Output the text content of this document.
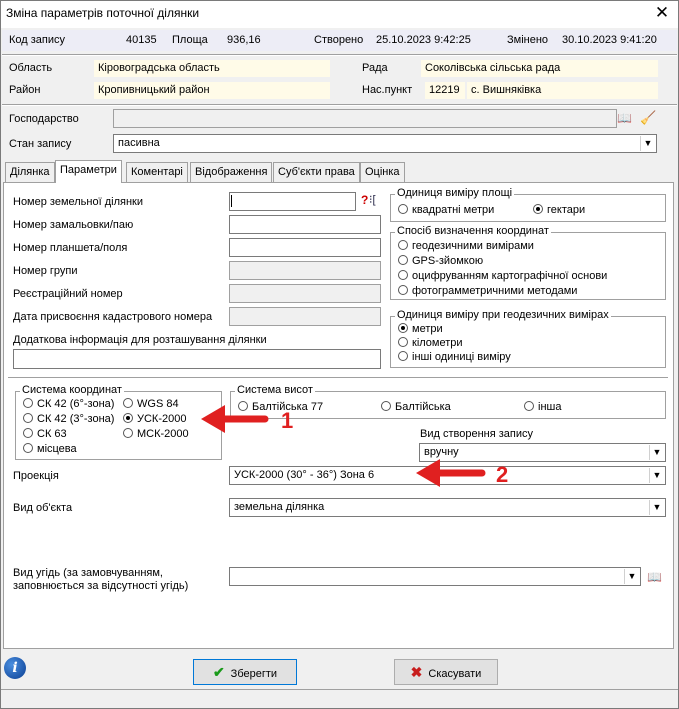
Зміна параметрів поточної ділянки	✕
Код запису	40135 Площа 936,16	Створено 25.10.2023 9:42:25	Змінено 30.10.2023 9:41:20
Область	Кіровоградська область	Рада	Соколівська сільська рада
Район	Кропивницький район	Нас.пункт	12219	с. Вишняківка
Господарство	📖 🧹
Стан запису	пасивна	▼
Ділянка Параметри	Коментарі	Відображення Суб'єкти права Оцінка
Номер земельної ділянки	? ⁝[
Номер замальовки/паю
Номер планшета/поля
Номер групи
Реєстраційний номер
Дата присвоєння кадастрового номера
Додаткова інформація для розташування ділянки
Одиниця виміру площі
квадратні метри	гектари
Спосіб визначення координат
геодезичними вимірами
GPS-зйомкою
оцифруванням картографічної основи
фотограмметричними методами
Одиниця виміру при геодезичних вимірах
метри
кілометри
інші одиниці виміру
Система координат
СК 42 (6°-зона)
СК 42 (3°-зона)
СК 63
місцева
WGS 84
УСК-2000
МСК-2000
Система висот
Балтійська 77	Балтійська	інша
Вид створення запису
вручну	▼
Проекція	УСК-2000 (30° - 36°) Зона 6	▼
Вид об'єкта	земельна ділянка	▼
Вид угідь (за замовчуванням,
заповнюється за відсутності угідь)
▼ 📖
1
2
i	✔ Зберегти	✖ Скасувати
